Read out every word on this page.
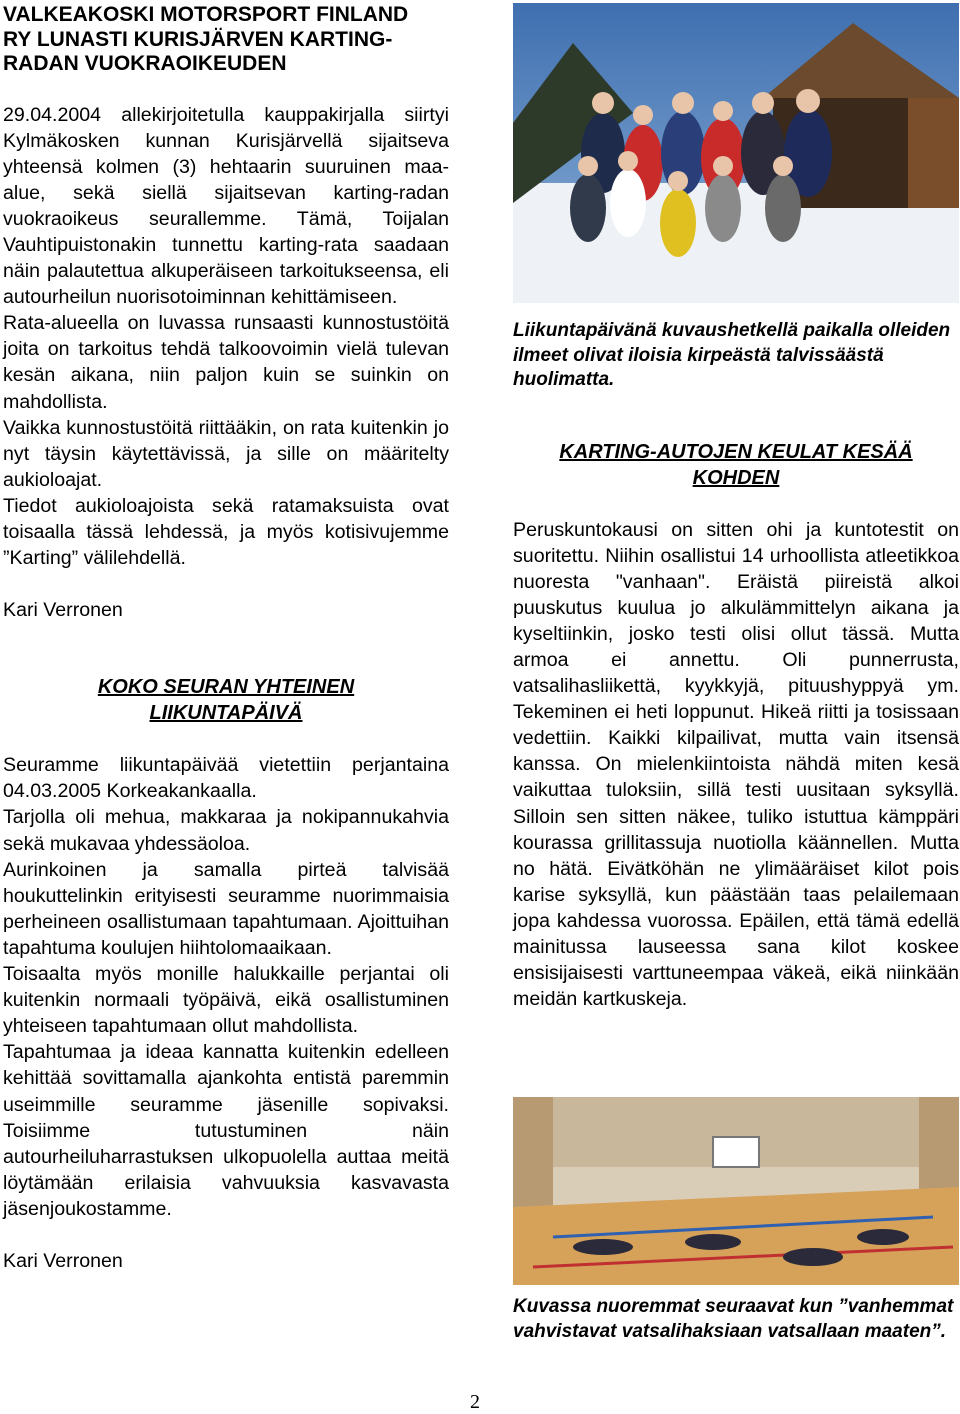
VALKEAKOSKI MOTORSPORT FINLAND
RY LUNASTI KURISJÄRVEN KARTING-
RADAN VUOKRAOIKEUDEN

29.04.2004 allekirjoitetulla kauppakirjalla siirtyi Kylmäkosken kunnan Kurisjärvellä sijaitseva yhteensä kolmen (3) hehtaarin suuruinen maa-alue, sekä siellä sijaitsevan karting-radan vuokraoikeus seurallemme. Tämä, Toijalan Vauhtipuistonakin tunnettu karting-rata saadaan näin palautettua alkuperäiseen tarkoitukseensa, eli autourheilun nuorisotoiminnan kehittämiseen.

Rata-alueella on luvassa runsaasti kunnostustöitä joita on tarkoitus tehdä talkoovoimin vielä tulevan kesän aikana, niin paljon kuin se suinkin on mahdollista.

Vaikka kunnostustöitä riittääkin, on rata kuitenkin jo nyt täysin käytettävissä, ja sille on määritelty aukioloajat.

Tiedot aukioloajoista sekä ratamaksuista ovat toisaalla tässä lehdessä, ja myös kotisivujemme ”Karting” välilehdellä.

Kari Verronen

KOKO SEURAN YHTEINEN
LIIKUNTAPÄIVÄ

Seuramme liikuntapäivää vietettiin perjantaina 04.03.2005 Korkeakankaalla.

Tarjolla oli mehua, makkaraa ja nokipannukahvia sekä mukavaa yhdessäoloa.

Aurinkoinen ja samalla pirteä talvisää houkuttelinkin erityisesti seuramme nuorimmaisia perheineen osallistumaan tapahtumaan. Ajoittuihan tapahtuma koulujen hiihtolomaaikaan.

Toisaalta myös monille halukkaille perjantai oli kuitenkin normaali työpäivä, eikä osallistuminen yhteiseen tapahtumaan ollut mahdollista.

Tapahtumaa ja ideaa kannatta kuitenkin edelleen kehittää sovittamalla ajankohta entistä paremmin useimmille seuramme jäsenille sopivaksi. Toisiimme tutustuminen näin autourheiluharrastuksen ulkopuolella auttaa meitä löytämään erilaisia vahvuuksia kasvavasta jäsenjoukostamme.

Kari Verronen

Liikuntapäivänä kuvaushetkellä paikalla olleiden ilmeet olivat iloisia kirpeästä talvissäästä huolimatta.

KARTING-AUTOJEN KEULAT KESÄÄ
KOHDEN

Peruskuntokausi on sitten ohi ja kuntotestit on suoritettu. Niihin osallistui 14 urhoollista atleetikkoa nuoresta "vanhaan". Eräistä piireistä alkoi puuskutus kuulua jo alkulämmittelyn aikana ja kyseltiinkin, josko testi olisi ollut tässä. Mutta armoa ei annettu. Oli punnerrusta, vatsalihasliikettä, kyykkyjä, pituushyppyä ym. Tekeminen ei heti loppunut. Hikeä riitti ja tosissaan vedettiin. Kaikki kilpailivat, mutta vain itsensä kanssa. On mielenkiintoista nähdä miten kesä vaikuttaa tuloksiin, sillä testi uusitaan syksyllä. Silloin sen sitten näkee, tuliko istuttua kämppäri kourassa grillitassuja nuotiolla käännellen. Mutta no hätä. Eivätköhän ne ylimääräiset kilot pois karise syksyllä, kun päästään taas pelailemaan jopa kahdessa vuorossa. Epäilen, että tämä edellä mainitussa lauseessa sana kilot koskee ensisijaisesti varttuneempaa väkeä, eikä niinkään meidän kartkuskeja.

Kuvassa nuoremmat seuraavat kun ”vanhemmat vahvistavat vatsalihaksiaan vatsallaan maaten”.

2
